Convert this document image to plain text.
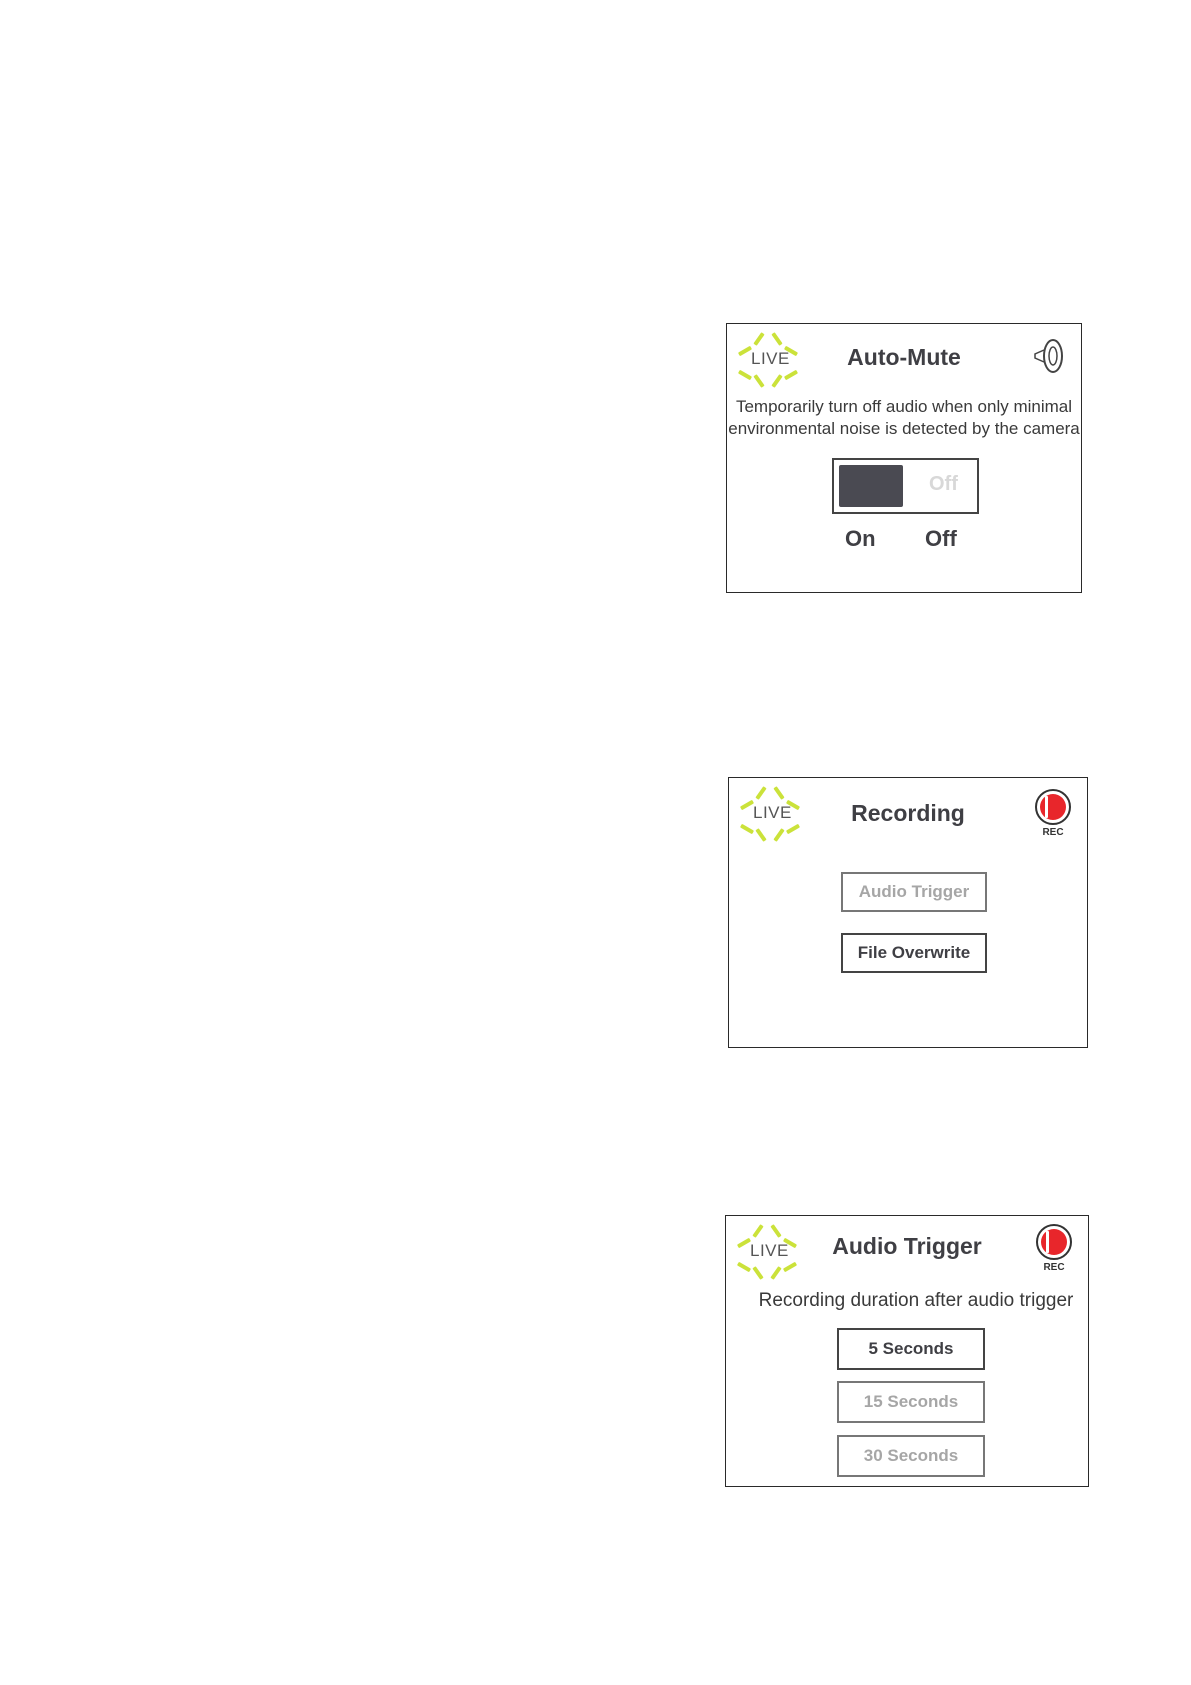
LIVE	Auto-Mute
Temporarily turn off audio when only minimal
environmental noise is detected by the camera
Off
On Off
LIVE	Recording
REC
Audio Trigger
File Overwrite
LIVE	Audio Trigger
REC
Recording duration after audio trigger
5 Seconds
15 Seconds
30 Seconds
